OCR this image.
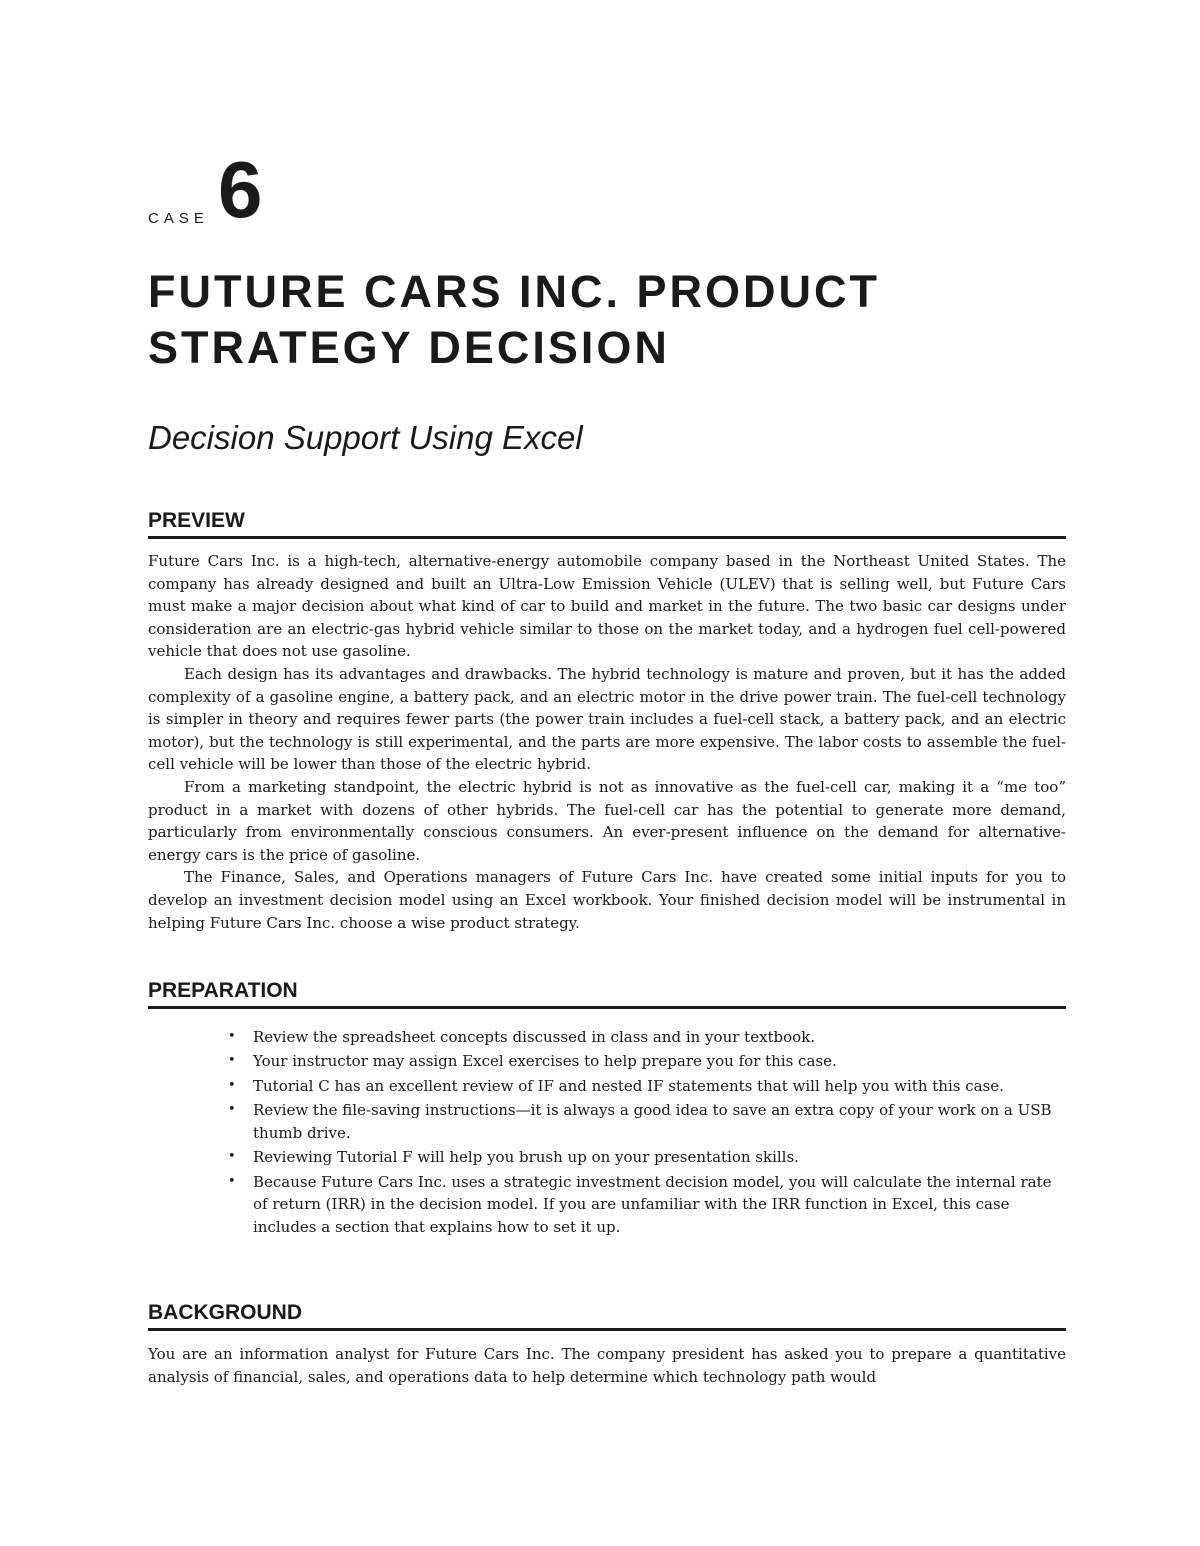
CASE 6
FUTURE CARS INC. PRODUCT STRATEGY DECISION
Decision Support Using Excel
PREVIEW

Future Cars Inc. is a high-tech, alternative-energy automobile company based in the Northeast United States. The company has already designed and built an Ultra-Low Emission Vehicle (ULEV) that is selling well, but Future Cars must make a major decision about what kind of car to build and market in the future. The two basic car designs under consideration are an electric-gas hybrid vehicle similar to those on the market today, and a hydrogen fuel cell-powered vehicle that does not use gasoline.

Each design has its advantages and drawbacks. The hybrid technology is mature and proven, but it has the added complexity of a gasoline engine, a battery pack, and an electric motor in the drive power train. The fuel-cell technology is simpler in theory and requires fewer parts (the power train includes a fuel-cell stack, a battery pack, and an electric motor), but the technology is still experimental, and the parts are more expensive. The labor costs to assemble the fuel-cell vehicle will be lower than those of the electric hybrid.

From a marketing standpoint, the electric hybrid is not as innovative as the fuel-cell car, making it a “me too” product in a market with dozens of other hybrids. The fuel-cell car has the potential to generate more demand, particularly from environmentally conscious consumers. An ever-present influence on the demand for alternative-energy cars is the price of gasoline.

The Finance, Sales, and Operations managers of Future Cars Inc. have created some initial inputs for you to develop an investment decision model using an Excel workbook. Your finished decision model will be instrumental in helping Future Cars Inc. choose a wise product strategy.

PREPARATION
• Review the spreadsheet concepts discussed in class and in your textbook.
• Your instructor may assign Excel exercises to help prepare you for this case.
• Tutorial C has an excellent review of IF and nested IF statements that will help you with this case.
• Review the file-saving instructions—it is always a good idea to save an extra copy of your work on a USB thumb drive.
• Reviewing Tutorial F will help you brush up on your presentation skills.
• Because Future Cars Inc. uses a strategic investment decision model, you will calculate the internal rate of return (IRR) in the decision model. If you are unfamiliar with the IRR function in Excel, this case includes a section that explains how to set it up.
BACKGROUND

You are an information analyst for Future Cars Inc. The company president has asked you to prepare a quantitative analysis of financial, sales, and operations data to help determine which technology path would
